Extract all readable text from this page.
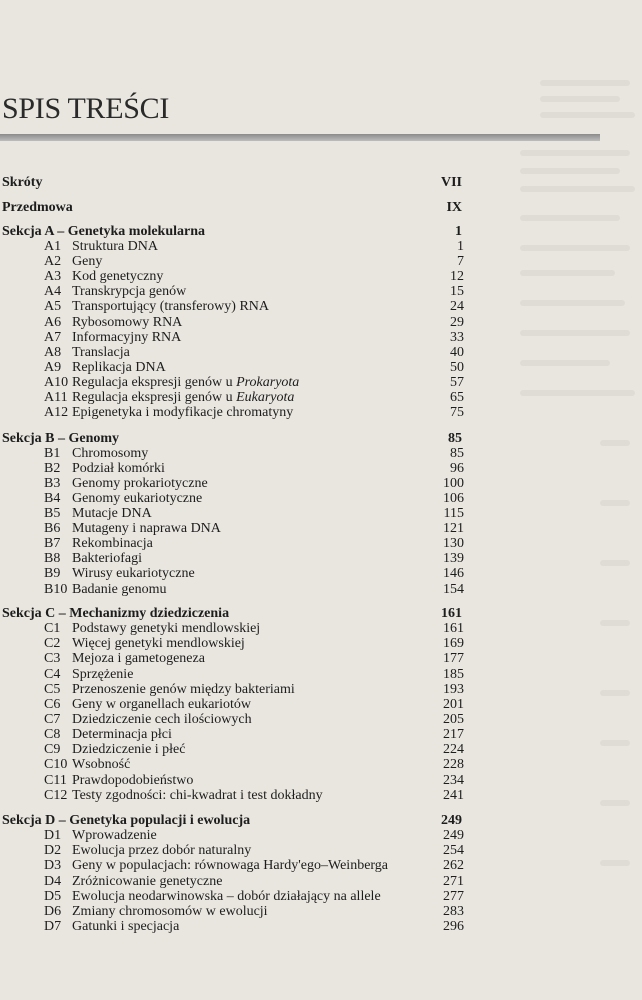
SPIS TREŚCI
Skróty	VII
Przedmowa	IX
Sekcja A – Genetyka molekularna	1
A1 Struktura DNA	1
A2 Geny	7
A3 Kod genetyczny	12
A4 Transkrypcja genów	15
A5 Transportujący (transferowy) RNA	24
A6 Rybosomowy RNA	29
A7 Informacyjny RNA	33
A8 Translacja	40
A9 Replikacja DNA	50
A10 Regulacja ekspresji genów u Prokaryota	57
A11 Regulacja ekspresji genów u Eukaryota	65
A12 Epigenetyka i modyfikacje chromatyny	75
Sekcja B – Genomy	85
B1 Chromosomy	85
B2 Podział komórki	96
B3 Genomy prokariotyczne	100
B4 Genomy eukariotyczne	106
B5 Mutacje DNA	115
B6 Mutageny i naprawa DNA	121
B7 Rekombinacja	130
B8 Bakteriofagi	139
B9 Wirusy eukariotyczne	146
B10 Badanie genomu	154
Sekcja C – Mechanizmy dziedziczenia	161
C1 Podstawy genetyki mendlowskiej	161
C2 Więcej genetyki mendlowskiej	169
C3 Mejoza i gametogeneza	177
C4 Sprzężenie	185
C5 Przenoszenie genów między bakteriami	193
C6 Geny w organellach eukariotów	201
C7 Dziedziczenie cech ilościowych	205
C8 Determinacja płci	217
C9 Dziedziczenie i płeć	224
C10 Wsobność	228
C11 Prawdopodobieństwo	234
C12 Testy zgodności: chi-kwadrat i test dokładny	241
Sekcja D – Genetyka populacji i ewolucja	249
D1 Wprowadzenie	249
D2 Ewolucja przez dobór naturalny	254
D3 Geny w populacjach: równowaga Hardy'ego–Weinberga	262
D4 Zróżnicowanie genetyczne	271
D5 Ewolucja neodarwinowska – dobór działający na allele	277
D6 Zmiany chromosomów w ewolucji	283
D7 Gatunki i specjacja	296
